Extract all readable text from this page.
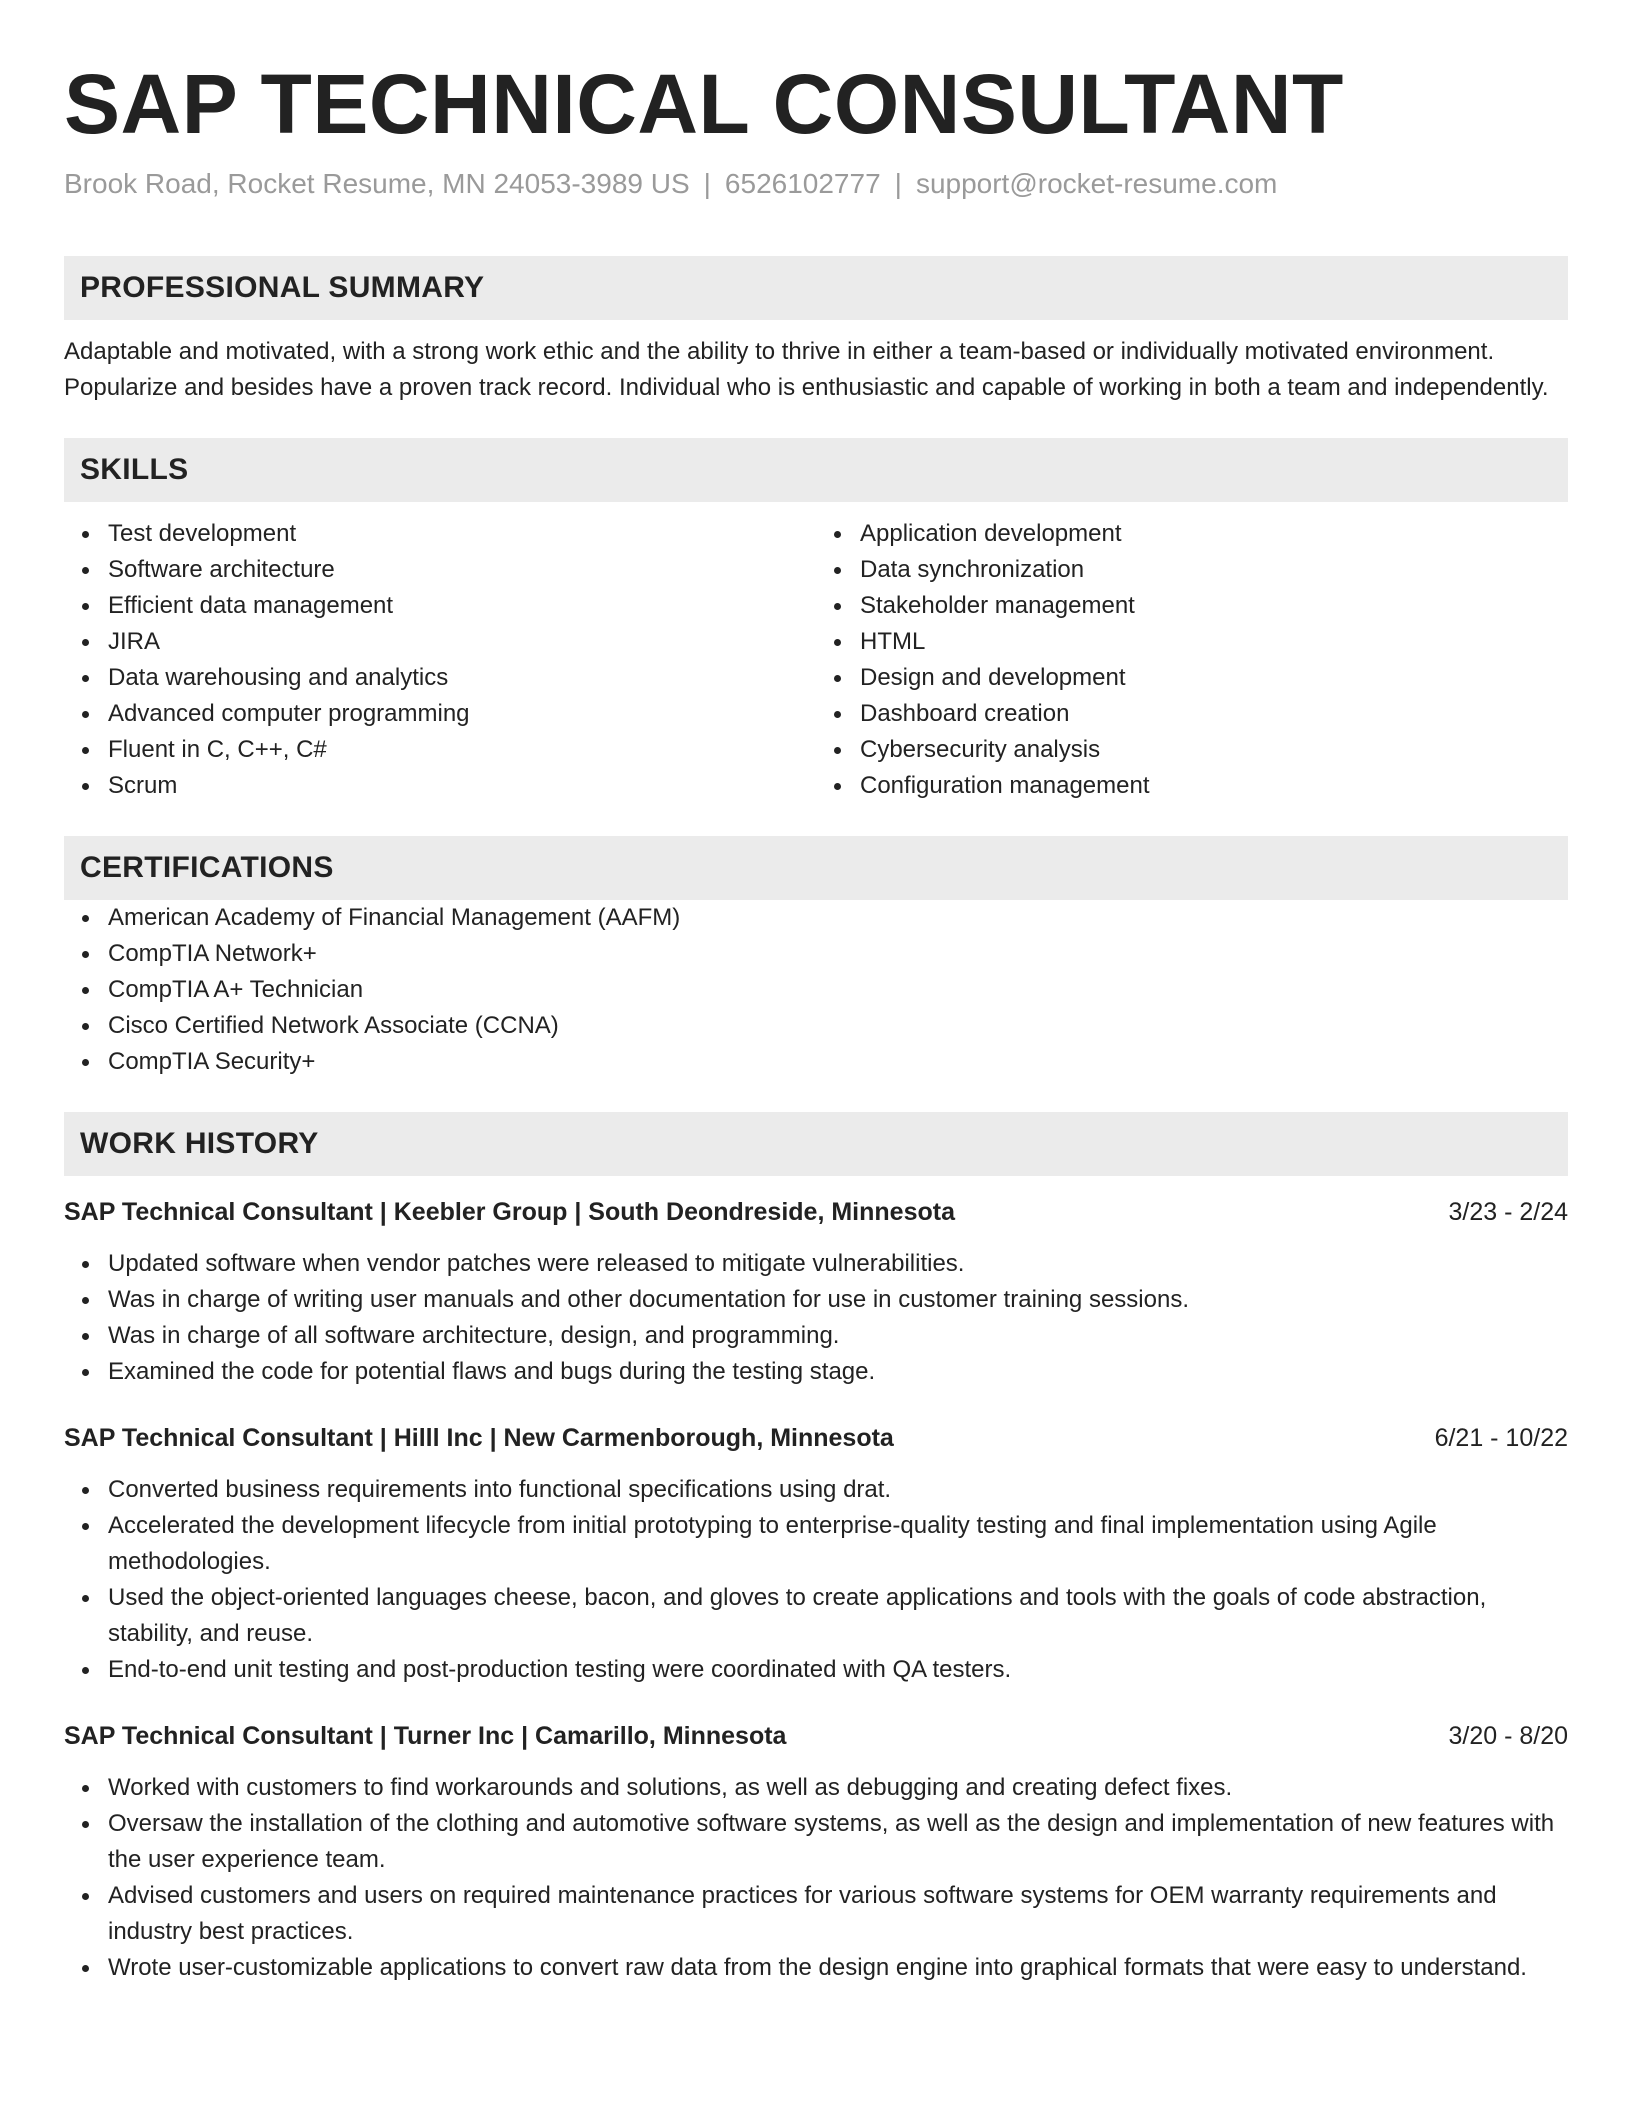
SAP TECHNICAL CONSULTANT
Brook Road, Rocket Resume, MN 24053-3989 US | 6526102777 | support@rocket-resume.com
PROFESSIONAL SUMMARY
Adaptable and motivated, with a strong work ethic and the ability to thrive in either a team-based or individually motivated environment. Popularize and besides have a proven track record. Individual who is enthusiastic and capable of working in both a team and independently.
SKILLS
Test development
Software architecture
Efficient data management
JIRA
Data warehousing and analytics
Advanced computer programming
Fluent in C, C++, C#
Scrum
Application development
Data synchronization
Stakeholder management
HTML
Design and development
Dashboard creation
Cybersecurity analysis
Configuration management
CERTIFICATIONS
American Academy of Financial Management (AAFM)
CompTIA Network+
CompTIA A+ Technician
Cisco Certified Network Associate (CCNA)
CompTIA Security+
WORK HISTORY
SAP Technical Consultant | Keebler Group | South Deondreside, Minnesota	3/23 - 2/24
Updated software when vendor patches were released to mitigate vulnerabilities.
Was in charge of writing user manuals and other documentation for use in customer training sessions.
Was in charge of all software architecture, design, and programming.
Examined the code for potential flaws and bugs during the testing stage.
SAP Technical Consultant | Hilll Inc | New Carmenborough, Minnesota	6/21 - 10/22
Converted business requirements into functional specifications using drat.
Accelerated the development lifecycle from initial prototyping to enterprise-quality testing and final implementation using Agile methodologies.
Used the object-oriented languages cheese, bacon, and gloves to create applications and tools with the goals of code abstraction, stability, and reuse.
End-to-end unit testing and post-production testing were coordinated with QA testers.
SAP Technical Consultant | Turner Inc | Camarillo, Minnesota	3/20 - 8/20
Worked with customers to find workarounds and solutions, as well as debugging and creating defect fixes.
Oversaw the installation of the clothing and automotive software systems, as well as the design and implementation of new features with the user experience team.
Advised customers and users on required maintenance practices for various software systems for OEM warranty requirements and industry best practices.
Wrote user-customizable applications to convert raw data from the design engine into graphical formats that were easy to understand.
